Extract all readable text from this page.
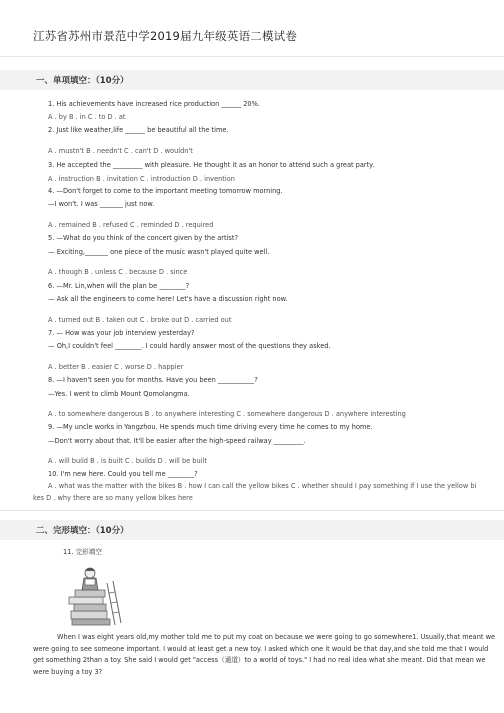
江苏省苏州市景范中学2019届九年级英语二模试卷
一、单项填空：（10分）
1. His achievements have increased rice production ______ 20%.
A . by B . in C . to D . at
2. Just like weather,life ______ be beautiful all the time.
A . mustn't B . needn't C . can't D . wouldn't
3. He accepted the _________ with pleasure. He thought it as an honor to attend such a great party.
A . instruction B . invitation C . introduction D . invention
4. —Don't forget to come to the important meeting tomorrow morning.
—I won't. I was _______ just now.
A . remained B . refused C . reminded D . required
5. —What do you think of the concert given by the artist?
— Exciting,_______ one piece of the music wasn't played quite well.
A . though B . unless C . because D . since
6. —Mr. Lin,when will the plan be ________?
— Ask all the engineers to come here! Let's have a discussion right now.
A . turned out B . taken out C . broke out D . carried out
7. — How was your job interview yesterday?
— Oh,I couldn't feel ________. I could hardly answer most of the questions they asked.
A . better B . easier C . worse D . happier
8. —I haven't seen you for months. Have you been ___________?
—Yes. I went to climb Mount Qomolangma.
A . to somewhere dangerous B . to anywhere interesting C . somewhere dangerous D . anywhere interesting
9. —My uncle works in Yangzhou. He spends much time driving every time he comes to my home.
—Don't worry about that. It'll be easier after the high-speed railway _________.
A . will build B . is built C . builds D . will be built
10. I'm new here. Could you tell me ________?
A . what was the matter with the bikes B . how I can call the yellow bikes C . whether should I pay something if I use the yellow bi
kes D . why there are so many yellow bikes here
二、完形填空：（10分）
11. 完形填空
When I was eight years old,my mother told me to put my coat on because we were going to go somewhere1. Usually,that meant we were going to see someone important. I would at least get a new toy. I asked which one it would be that day,and she told me that I would get something 2than a toy. She said I would get "access（通道）to a world of toys." I had no real idea what she meant. Did that mean we were buying a toy 3?
